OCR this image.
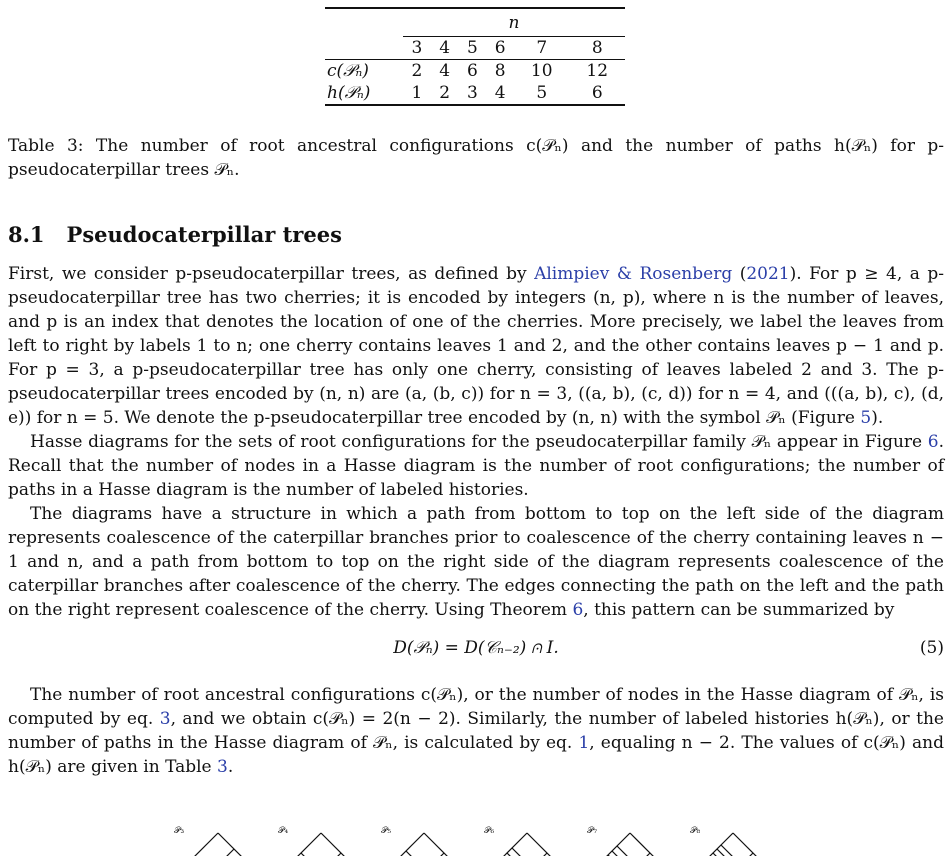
	n					
	3	4	5	6	7	8
c(𝒫ₙ)	2	4	6	8	10	12
h(𝒫ₙ)	1	2	3	4	5	6
Table 3: The number of root ancestral configurations c(𝒫ₙ) and the number of paths h(𝒫ₙ) for p-pseudocaterpillar trees 𝒫ₙ.
8.1 Pseudocaterpillar trees

First, we consider p-pseudocaterpillar trees, as defined by Alimpiev & Rosenberg (2021). For p ≥ 4, a p-pseudocaterpillar tree has two cherries; it is encoded by integers (n, p), where n is the number of leaves, and p is an index that denotes the location of one of the cherries. More precisely, we label the leaves from left to right by labels 1 to n; one cherry contains leaves 1 and 2, and the other contains leaves p − 1 and p. For p = 3, a p-pseudocaterpillar tree has only one cherry, consisting of leaves labeled 2 and 3. The p-pseudocaterpillar trees encoded by (n, n) are (a, (b, c)) for n = 3, ((a, b), (c, d)) for n = 4, and (((a, b), c), (d, e)) for n = 5. We denote the p-pseudocaterpillar tree encoded by (n, n) with the symbol 𝒫ₙ (Figure 5).

Hasse diagrams for the sets of root configurations for the pseudocaterpillar family 𝒫ₙ appear in Figure 6. Recall that the number of nodes in a Hasse diagram is the number of root configurations; the number of paths in a Hasse diagram is the number of labeled histories.

The diagrams have a structure in which a path from bottom to top on the left side of the diagram represents coalescence of the caterpillar branches prior to coalescence of the cherry containing leaves n − 1 and n, and a path from bottom to top on the right side of the diagram represents coalescence of the caterpillar branches after coalescence of the cherry. The edges connecting the path on the left and the path on the right represent coalescence of the cherry. Using Theorem 6, this pattern can be summarized by

D(𝒫ₙ) = D(𝒞ₙ₋₂) ⩀ I.	(5)

The number of root ancestral configurations c(𝒫ₙ), or the number of nodes in the Hasse diagram of 𝒫ₙ, is computed by eq. 3, and we obtain c(𝒫ₙ) = 2(n − 2). Similarly, the number of labeled histories h(𝒫ₙ), or the number of paths in the Hasse diagram of 𝒫ₙ, is calculated by eq. 1, equaling n − 2. The values of c(𝒫ₙ) and h(𝒫ₙ) are given in Table 3.

𝒫₃	𝒫₄	𝒫₅	𝒫₆	𝒫₇	𝒫₈
